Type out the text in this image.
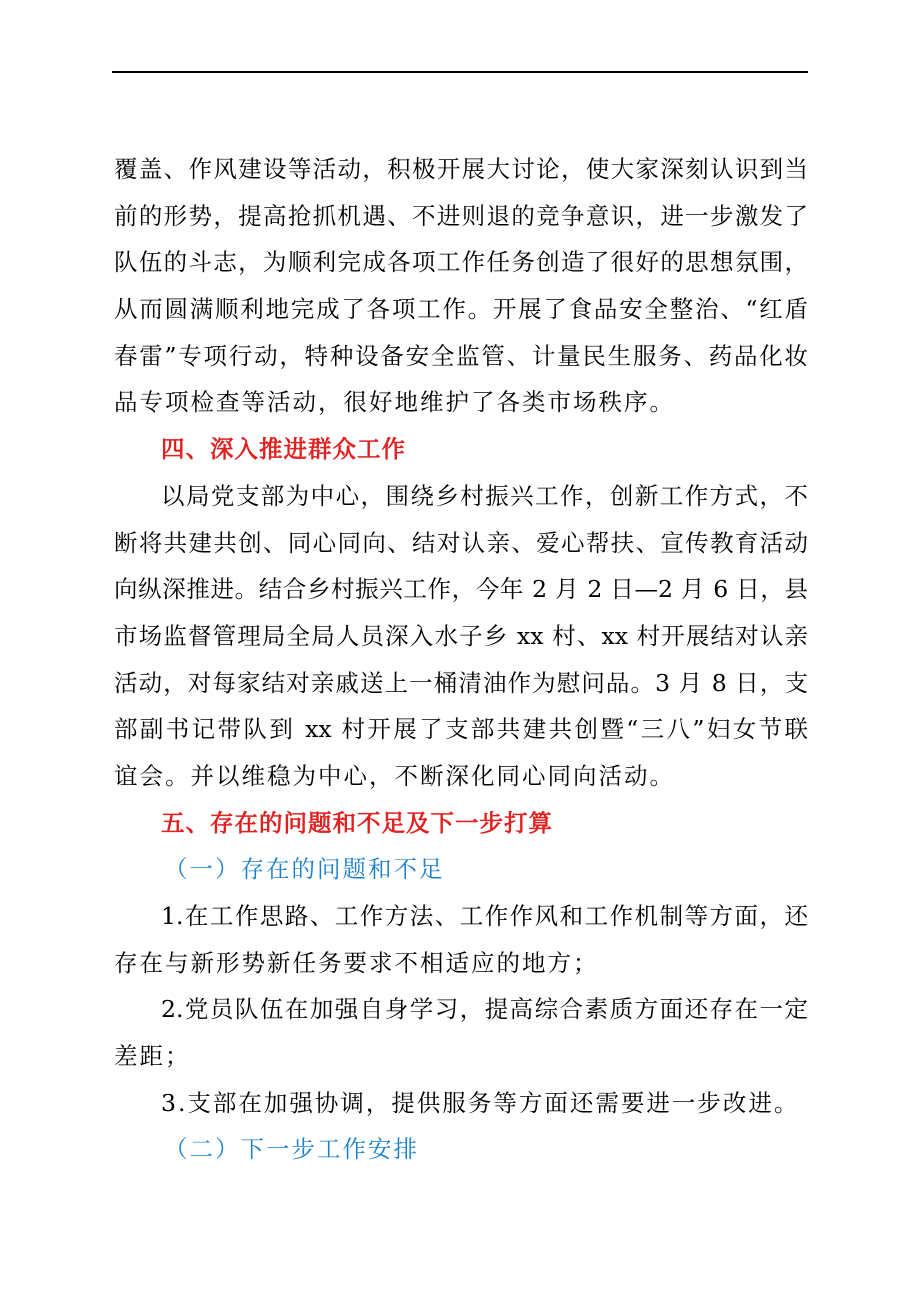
覆盖、作风建设等活动，积极开展大讨论，使大家深刻认识到当
前的形势，提高抢抓机遇、不进则退的竞争意识，进一步激发了
队伍的斗志，为顺利完成各项工作任务创造了很好的思想氛围，
从而圆满顺利地完成了各项工作。开展了食品安全整治、“红盾
春雷”专项行动，特种设备安全监管、计量民生服务、药品化妆
品专项检查等活动，很好地维护了各类市场秩序。
四、深入推进群众工作
以局党支部为中心，围绕乡村振兴工作，创新工作方式，不
断将共建共创、同心同向、结对认亲、爱心帮扶、宣传教育活动
向纵深推进。结合乡村振兴工作，今年 2 月 2 日—2 月 6 日，县
市场监督管理局全局人员深入水子乡 xx 村、xx 村开展结对认亲
活动，对每家结对亲戚送上一桶清油作为慰问品。3 月 8 日，支
部副书记带队到 xx 村开展了支部共建共创暨“三八”妇女节联
谊会。并以维稳为中心，不断深化同心同向活动。
五、存在的问题和不足及下一步打算
（一）存在的问题和不足
1.在工作思路、工作方法、工作作风和工作机制等方面，还
存在与新形势新任务要求不相适应的地方；
2.党员队伍在加强自身学习，提高综合素质方面还存在一定
差距；
3.支部在加强协调，提供服务等方面还需要进一步改进。
（二）下一步工作安排
